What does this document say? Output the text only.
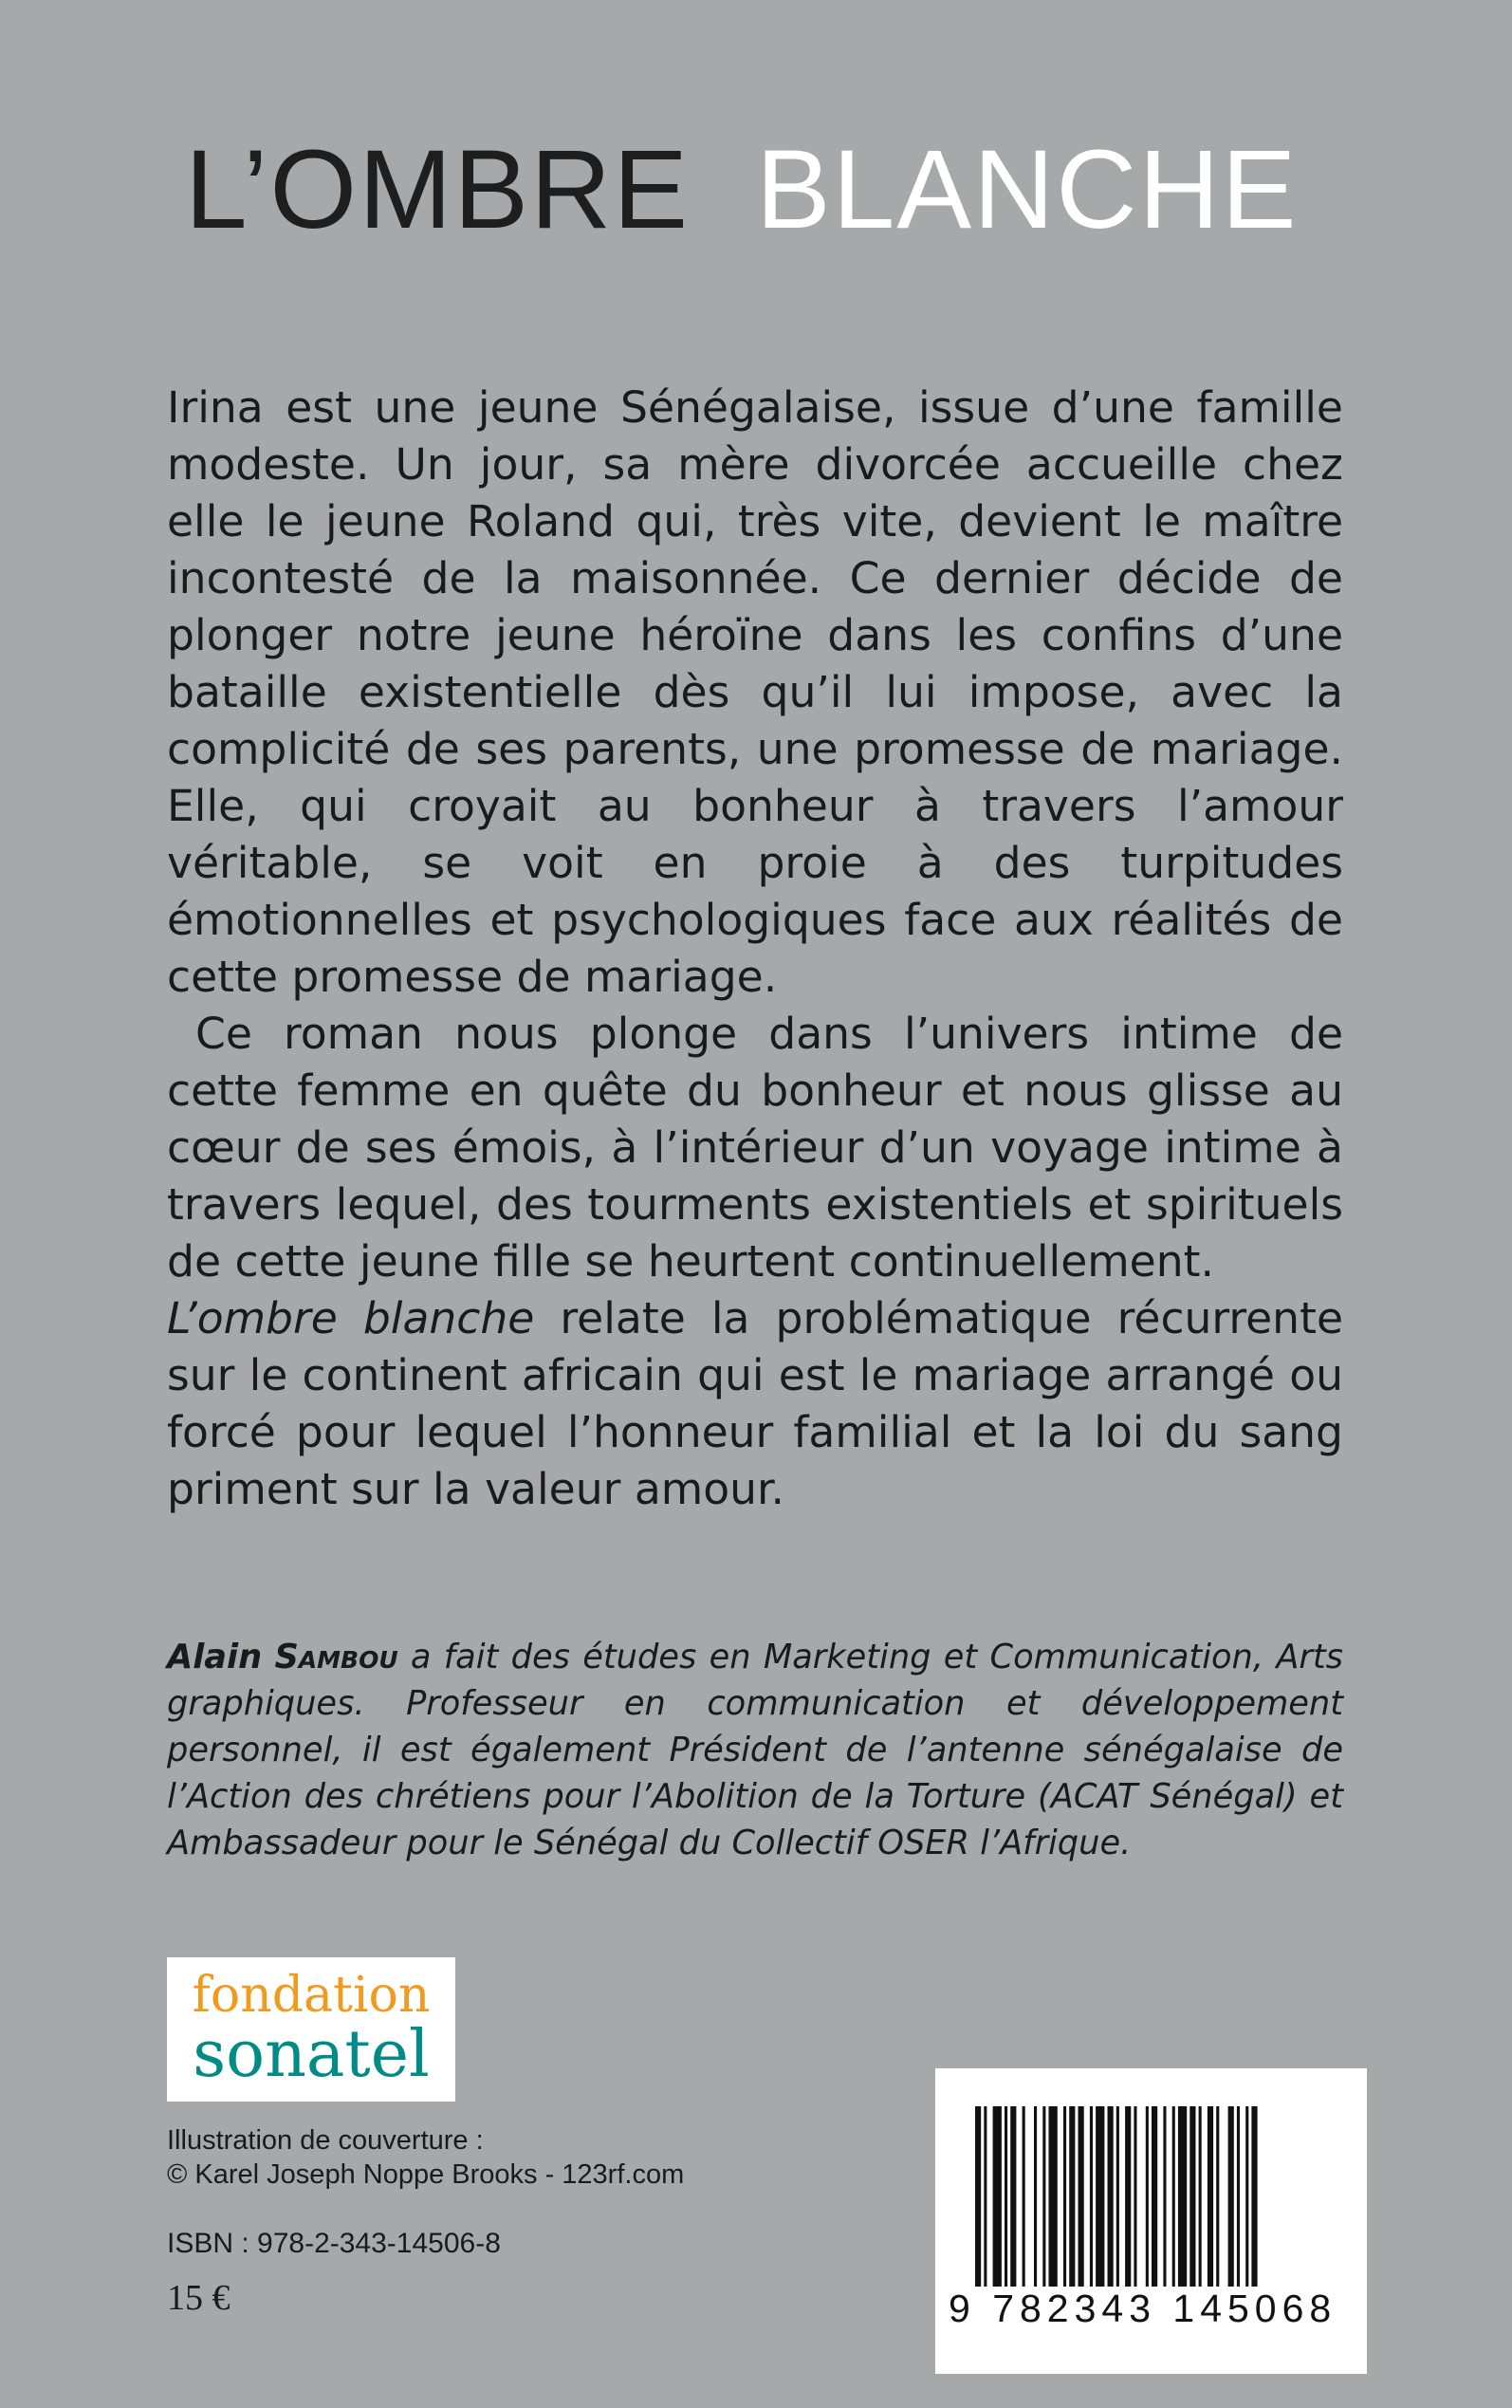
L’OMBRE BLANCHE

Irina est une jeune Sénégalaise, issue d’une famille modeste. Un jour, sa mère divorcée accueille chez elle le jeune Roland qui, très vite, devient le maître incontesté de la maisonnée. Ce dernier décide de plonger notre jeune héroïne dans les confins d’une bataille existentielle dès qu’il lui impose, avec la complicité de ses parents, une promesse de mariage. Elle, qui croyait au bonheur à travers l’amour véritable, se voit en proie à des turpitudes émotionnelles et psychologiques face aux réalités de cette promesse de mariage.

Ce roman nous plonge dans l’univers intime de cette femme en quête du bonheur et nous glisse au cœur de ses émois, à l’intérieur d’un voyage intime à travers lequel, des tourments existentiels et spirituels de cette jeune fille se heurtent continuellement.

L’ombre blanche relate la problématique récurrente sur le continent africain qui est le mariage arrangé ou forcé pour lequel l’honneur familial et la loi du sang priment sur la valeur amour.

Alain Sambou a fait des études en Marketing et Communication, Arts graphiques. Professeur en communication et développement personnel, il est également Président de l’antenne sénégalaise de l’Action des chrétiens pour l’Abolition de la Torture (ACAT Sénégal) et Ambassadeur pour le Sénégal du Collectif OSER l’Afrique.
fondation
sonatel
Illustration de couverture :
© Karel Joseph Noppe Brooks - 123rf.com
ISBN : 978-2-343-14506-8
15 €	9 782343 145068
